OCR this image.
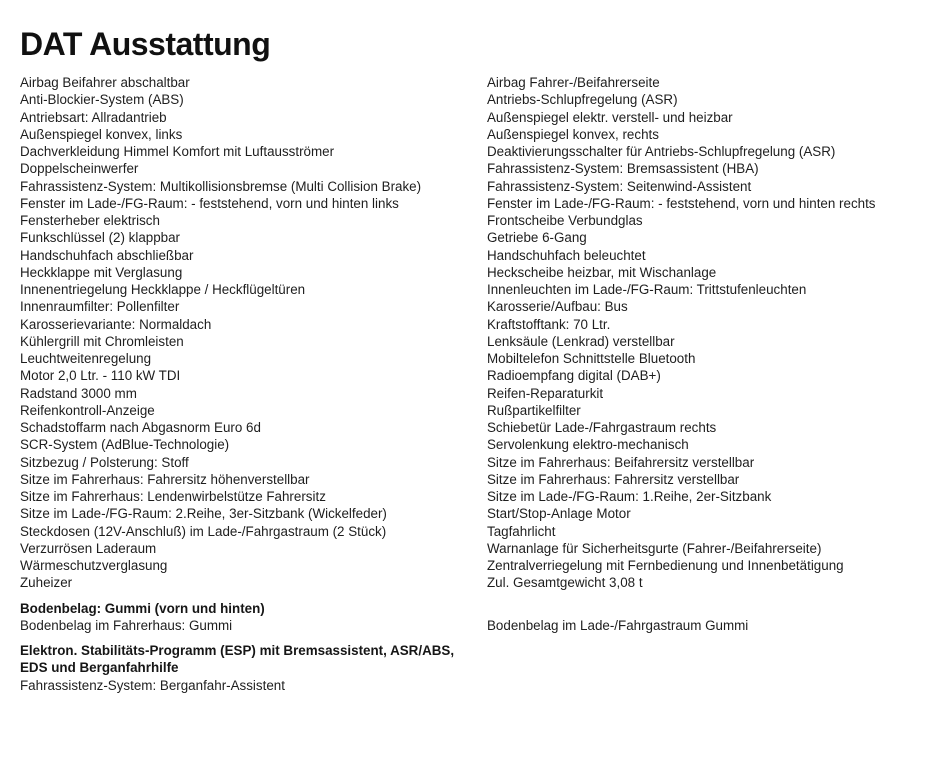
DAT Ausstattung
Airbag Beifahrer abschaltbar	Airbag Fahrer-/Beifahrerseite
Anti-Blockier-System (ABS)	Antriebs-Schlupfregelung (ASR)
Antriebsart: Allradantrieb	Außenspiegel elektr. verstell- und heizbar
Außenspiegel konvex, links	Außenspiegel konvex, rechts
Dachverkleidung Himmel Komfort mit Luftausströmer	Deaktivierungsschalter für Antriebs-Schlupfregelung (ASR)
Doppelscheinwerfer	Fahrassistenz-System: Bremsassistent (HBA)
Fahrassistenz-System: Multikollisionsbremse (Multi Collision Brake)	Fahrassistenz-System: Seitenwind-Assistent
Fenster im Lade-/FG-Raum: - feststehend, vorn und hinten links	Fenster im Lade-/FG-Raum: - feststehend, vorn und hinten rechts
Fensterheber elektrisch	Frontscheibe Verbundglas
Funkschlüssel (2) klappbar	Getriebe 6-Gang
Handschuhfach abschließbar	Handschuhfach beleuchtet
Heckklappe mit Verglasung	Heckscheibe heizbar, mit Wischanlage
Innenentriegelung Heckklappe / Heckflügeltüren	Innenleuchten im Lade-/FG-Raum: Trittstufenleuchten
Innenraumfilter: Pollenfilter	Karosserie/Aufbau: Bus
Karosserievariante: Normaldach	Kraftstofftank: 70 Ltr.
Kühlergrill mit Chromleisten	Lenksäule (Lenkrad) verstellbar
Leuchtweitenregelung	Mobiltelefon Schnittstelle Bluetooth
Motor 2,0 Ltr. - 110 kW TDI	Radioempfang digital (DAB+)
Radstand 3000 mm	Reifen-Reparaturkit
Reifenkontroll-Anzeige	Rußpartikelfilter
Schadstoffarm nach Abgasnorm Euro 6d	Schiebetür Lade-/Fahrgastraum rechts
SCR-System (AdBlue-Technologie)	Servolenkung elektro-mechanisch
Sitzbezug / Polsterung: Stoff	Sitze im Fahrerhaus: Beifahrersitz verstellbar
Sitze im Fahrerhaus: Fahrersitz höhenverstellbar	Sitze im Fahrerhaus: Fahrersitz verstellbar
Sitze im Fahrerhaus: Lendenwirbelstütze Fahrersitz	Sitze im Lade-/FG-Raum: 1.Reihe, 2er-Sitzbank
Sitze im Lade-/FG-Raum: 2.Reihe, 3er-Sitzbank (Wickelfeder)	Start/Stop-Anlage Motor
Steckdosen (12V-Anschluß) im Lade-/Fahrgastraum (2 Stück)	Tagfahrlicht
Verzurrösen Laderaum	Warnanlage für Sicherheitsgurte (Fahrer-/Beifahrerseite)
Wärmeschutzverglasung	Zentralverriegelung mit Fernbedienung und Innenbetätigung
Zuheizer	Zul. Gesamtgewicht 3,08 t
Bodenbelag: Gummi (vorn und hinten)
Bodenbelag im Fahrerhaus: Gummi	Bodenbelag im Lade-/Fahrgastraum Gummi
Elektron. Stabilitäts-Programm (ESP) mit Bremsassistent, ASR/ABS, EDS und Berganfahrhilfe
Fahrassistenz-System: Berganfahr-Assistent
